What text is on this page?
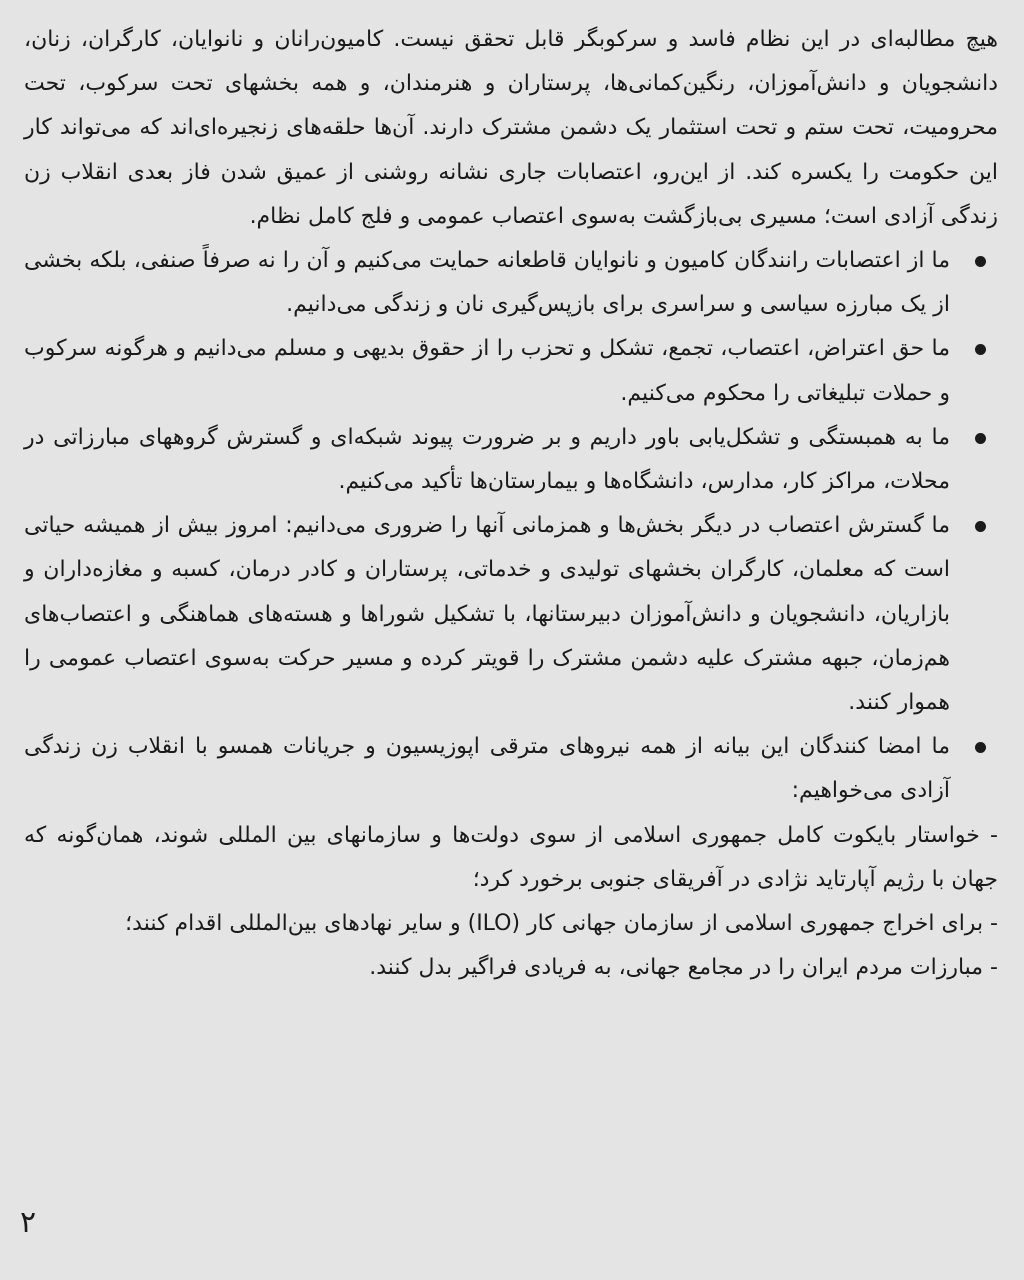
هیچ مطالبه‌ای در این نظام فاسد و سرکوبگر قابل تحقق نیست. کامیون‌رانان و نانوایان، کارگران، زنان، دانشجویان و دانش‌آموزان، رنگین‌کمانی‌ها، پرستاران و هنرمندان، و همه بخشهای تحت سرکوب، تحت محرومیت، تحت ستم و تحت استثمار یک دشمن مشترک دارند. آن‌ها حلقه‌های زنجیره‌ای‌اند که می‌تواند کار این حکومت را یکسره کند. از این‌رو، اعتصابات جاری نشانه روشنی از عمیق شدن فاز بعدی انقلاب زن زندگی آزادی است؛ مسیری بی‌بازگشت به‌سوی اعتصاب عمومی و فلج کامل نظام.

ما از اعتصابات رانندگان کامیون و نانوایان قاطعانه حمایت می‌کنیم و آن را نه صرفاً صنفی، بلکه بخشی از یک مبارزه سیاسی و سراسری برای بازپس‌گیری نان و زندگی می‌دانیم.
ما حق اعتراض، اعتصاب، تجمع، تشکل و تحزب را از حقوق بدیهی و مسلم می‌دانیم و هرگونه سرکوب و حملات تبلیغاتی را محکوم می‌کنیم.
ما به همبستگی و تشکل‌یابی باور داریم و بر ضرورت پیوند شبکه‌ای و گسترش گروههای مبارزاتی در محلات، مراکز کار، مدارس، دانشگاه‌ها و بیمارستان‌ها تأکید می‌کنیم.
ما گسترش اعتصاب در دیگر بخش‌ها و همزمانی آنها را ضروری می‌دانیم: امروز بیش از همیشه حیاتی است که معلمان، کارگران بخشهای تولیدی و خدماتی، پرستاران و کادر درمان، کسبه و مغازه‌داران و بازاریان، دانشجویان و دانش‌آموزان دبیرستانها، با تشکیل شوراها و هسته‌های هماهنگی و اعتصاب‌های هم‌زمان، جبهه مشترک علیه دشمن مشترک را قویتر کرده و مسیر حرکت به‌سوی اعتصاب عمومی را هموار کنند.
ما امضا کنندگان این بیانه از همه نیروهای مترقی اپوزیسیون و جریانات همسو با انقلاب زن زندگی آزادی می‌خواهیم:

- خواستار بایکوت کامل جمهوری اسلامی از سوی دولت‌ها و سازمانهای بین المللی شوند، همان‌گونه که جهان با رژیم آپارتاید نژادی در آفریقای جنوبی برخورد کرد؛

- برای اخراج جمهوری اسلامی از سازمان جهانی کار (ILO) و سایر نهادهای بین‌المللی اقدام کنند؛

- مبارزات مردم ایران را در مجامع جهانی، به فریادی فراگیر بدل کنند.

۲
